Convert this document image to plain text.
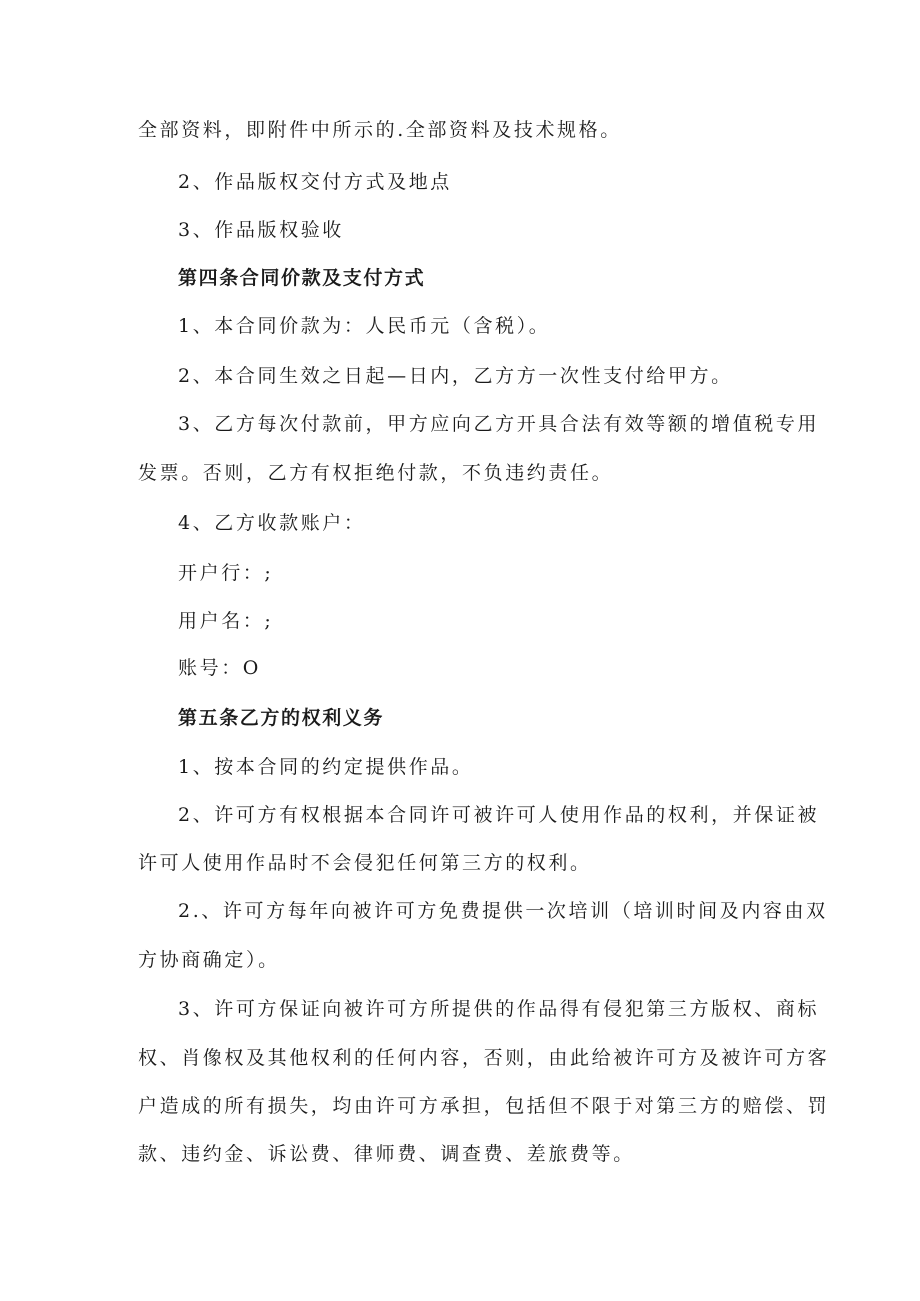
全部资料，即附件中所示的.全部资料及技术规格。
2、作品版权交付方式及地点
3、作品版权验收
第四条合同价款及支付方式
1、本合同价款为：人民币元（含税）。
2、本合同生效之日起—日内，乙方方一次性支付给甲方。
3、乙方每次付款前，甲方应向乙方开具合法有效等额的增值税专用
发票。否则，乙方有权拒绝付款，不负违约责任。
4、乙方收款账户：
开户行：;
用户名：;
账号：O
第五条乙方的权利义务
1、按本合同的约定提供作品。
2、许可方有权根据本合同许可被许可人使用作品的权利，并保证被
许可人使用作品时不会侵犯任何第三方的权利。
2.、许可方每年向被许可方免费提供一次培训（培训时间及内容由双
方协商确定）。
3、许可方保证向被许可方所提供的作品得有侵犯第三方版权、商标
权、肖像权及其他权利的任何内容，否则，由此给被许可方及被许可方客
户造成的所有损失，均由许可方承担，包括但不限于对第三方的赔偿、罚
款、违约金、诉讼费、律师费、调查费、差旅费等。
